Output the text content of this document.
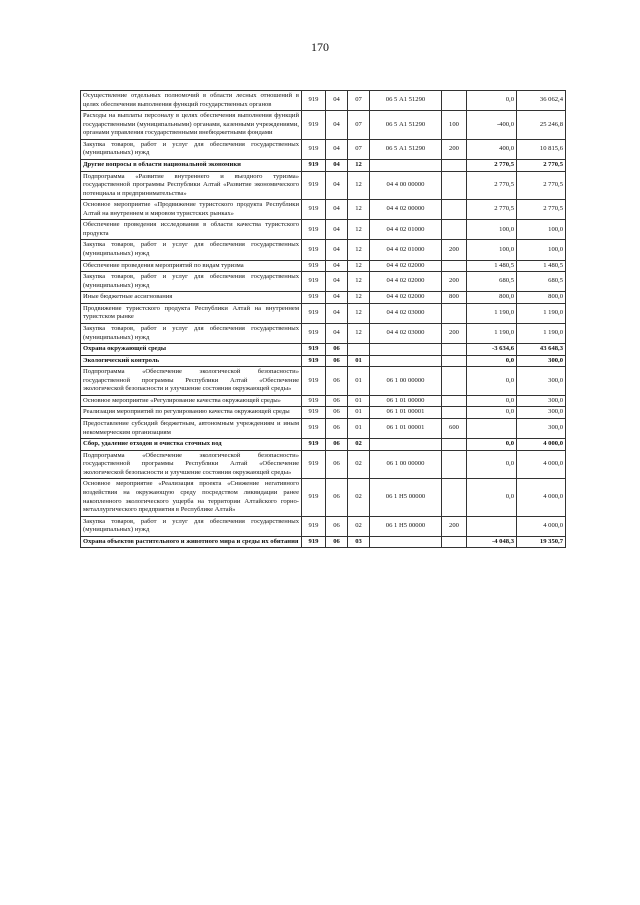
170
Осуществление отдельных полномочий в области лесных отношений в целях обеспечения выполнения функций государственных органов	919	04	07	06 5 А1 51290		0,0	36 062,4
Расходы на выплаты персоналу в целях обеспечения выполнения функций государственными (муниципальными) органами, казенными учреждениями, органами управления государственными внебюджетными фондами	919	04	07	06 5 А1 51290	100	-400,0	25 246,8
Закупка товаров, работ и услуг для обеспечения государственных (муниципальных) нужд	919	04	07	06 5 А1 51290	200	400,0	10 815,6
Другие вопросы в области национальной экономики	919	04	12			2 770,5	2 770,5
Подпрограмма «Развитие внутреннего и въездного туризма» государственной программы Республики Алтай «Развитие экономического потенциала и предпринимательства»	919	04	12	04 4 00 00000		2 770,5	2 770,5
Основное мероприятие «Продвижение туристского продукта Республики Алтай на внутреннем и мировом туристских рынках»	919	04	12	04 4 02 00000		2 770,5	2 770,5
Обеспечение проведения исследования в области качества туристского продукта	919	04	12	04 4 02 01000		100,0	100,0
Закупка товаров, работ и услуг для обеспечения государственных (муниципальных) нужд	919	04	12	04 4 02 01000	200	100,0	100,0
Обеспечение проведения мероприятий по видам туризма	919	04	12	04 4 02 02000		1 480,5	1 480,5
Закупка товаров, работ и услуг для обеспечения государственных (муниципальных) нужд	919	04	12	04 4 02 02000	200	680,5	680,5
Иные бюджетные ассигнования	919	04	12	04 4 02 02000	800	800,0	800,0
Продвижение туристского продукта Республики Алтай на внутреннем туристском рынке	919	04	12	04 4 02 03000		1 190,0	1 190,0
Закупка товаров, работ и услуг для обеспечения государственных (муниципальных) нужд	919	04	12	04 4 02 03000	200	1 190,0	1 190,0
Охрана окружающей среды	919	06				-3 634,6	43 648,3
Экологический контроль	919	06	01			0,0	300,0
Подпрограмма «Обеспечение экологической безопасности» государственной программы Республики Алтай «Обеспечение экологической безопасности и улучшение состояния окружающей среды»	919	06	01	06 1 00 00000		0,0	300,0
Основное мероприятие «Регулирование качества окружающей среды»	919	06	01	06 1 01 00000		0,0	300,0
Реализация мероприятий по регулированию качества окружающей среды	919	06	01	06 1 01 00001		0,0	300,0
Предоставление субсидий бюджетным, автономным учреждениям и иным некоммерческим организациям	919	06	01	06 1 01 00001	600		300,0
Сбор, удаление отходов и очистка сточных вод	919	06	02			0,0	4 000,0
Подпрограмма «Обеспечение экологической безопасности» государственной программы Республики Алтай «Обеспечение экологической безопасности и улучшение состояния окружающей среды»	919	06	02	06 1 00 00000		0,0	4 000,0
Основное мероприятие «Реализация проекта «Снижение негативного воздействия на окружающую среду посредством ликвидации ранее накопленного экологического ущерба на территории Алтайского горно-металлургического предприятия в Республике Алтай»	919	06	02	06 1 Н5 00000		0,0	4 000,0
Закупка товаров, работ и услуг для обеспечения государственных (муниципальных) нужд	919	06	02	06 1 Н5 00000	200		4 000,0
Охрана объектов растительного и животного мира и среды их обитания	919	06	03			-4 048,3	19 350,7
